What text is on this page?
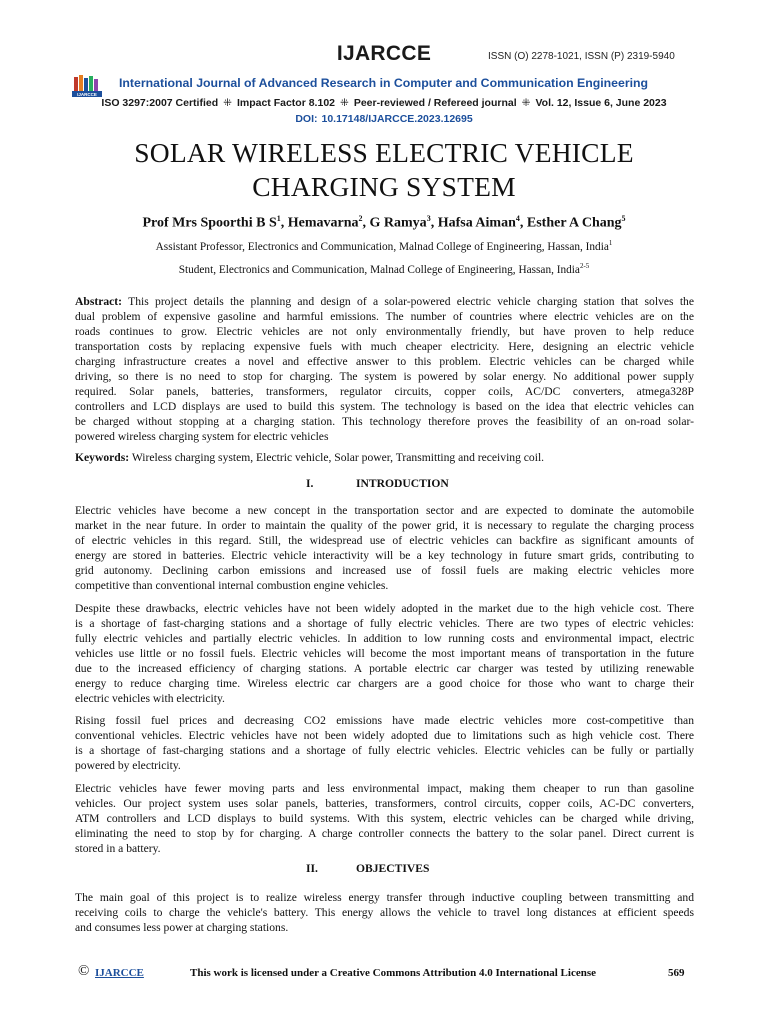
IJARCCE	ISSN (O) 2278-1021, ISSN (P) 2319-5940
IJARCCE
International Journal of Advanced Research in Computer and Communication Engineering
ISO 3297:2007 Certified ⁜ Impact Factor 8.102 ⁜ Peer-reviewed / Refereed journal ⁜ Vol. 12, Issue 6, June 2023
DOI: 10.17148/IJARCCE.2023.12695
SOLAR WIRELESS ELECTRIC VEHICLE
CHARGING SYSTEM
Prof Mrs Spoorthi B $S^1$, Hemavarna$^2$, G Ramya$^3$, Hafsa Aiman$^4$, Esther A Chang$^5$
Assistant Professor, Electronics and Communication, Malnad College of Engineering, Hassan, India$^1$
Student, Electronics and Communication, Malnad College of Engineering, Hassan, India$^{2-5}$
Abstract: This project details the planning and design of a solar-powered electric vehicle charging station that solves the
dual problem of expensive gasoline and harmful emissions. The number of countries where electric vehicles are on the
roads continues to grow. Electric vehicles are not only environmentally friendly, but have proven to help reduce
transportation costs by replacing expensive fuels with much cheaper electricity. Here, designing an electric vehicle
charging infrastructure creates a novel and effective answer to this problem. Electric vehicles can be charged while
driving, so there is no need to stop for charging. The system is powered by solar energy. No additional power supply
required. Solar panels, batteries, transformers, regulator circuits, copper coils, AC/DC converters, atmega328P
controllers and LCD displays are used to build this system. The technology is based on the idea that electric vehicles can
be charged without stopping at a charging station. This technology therefore proves the feasibility of an on-road solar-
powered wireless charging system for electric vehicles
Keywords: Wireless charging system, Electric vehicle, Solar power, Transmitting and receiving coil.
I.	INTRODUCTION
Electric vehicles have become a new concept in the transportation sector and are expected to dominate the automobile
market in the near future. In order to maintain the quality of the power grid, it is necessary to regulate the charging process
of electric vehicles in this regard. Still, the widespread use of electric vehicles can backfire as significant amounts of
energy are stored in batteries. Electric vehicle interactivity will be a key technology in future smart grids, contributing to
grid autonomy. Declining carbon emissions and increased use of fossil fuels are making electric vehicles more
competitive than conventional internal combustion engine vehicles.
Despite these drawbacks, electric vehicles have not been widely adopted in the market due to the high vehicle cost. There
is a shortage of fast-charging stations and a shortage of fully electric vehicles. There are two types of electric vehicles:
fully electric vehicles and partially electric vehicles. In addition to low running costs and environmental impact, electric
vehicles use little or no fossil fuels. Electric vehicles will become the most important means of transportation in the future
due to the increased efficiency of charging stations. A portable electric car charger was tested by utilizing renewable
energy to reduce charging time. Wireless electric car chargers are a good choice for those who want to charge their
electric vehicles with electricity.
Rising fossil fuel prices and decreasing CO2 emissions have made electric vehicles more cost-competitive than
conventional vehicles. Electric vehicles have not been widely adopted due to limitations such as high vehicle cost. There
is a shortage of fast-charging stations and a shortage of fully electric vehicles. Electric vehicles can be fully or partially
powered by electricity.
Electric vehicles have fewer moving parts and less environmental impact, making them cheaper to run than gasoline
vehicles. Our project system uses solar panels, batteries, transformers, control circuits, copper coils, AC-DC converters,
ATM controllers and LCD displays to build systems. With this system, electric vehicles can be charged while driving,
eliminating the need to stop by for charging. A charge controller connects the battery to the solar panel. Direct current is
stored in a battery.
II.	OBJECTIVES
The main goal of this project is to realize wireless energy transfer through inductive coupling between transmitting and
receiving coils to charge the vehicle's battery. This energy allows the vehicle to travel long distances at efficient speeds
and consumes less power at charging stations.
© IJARCCE	This work is licensed under a Creative Commons Attribution 4.0 International License	569
